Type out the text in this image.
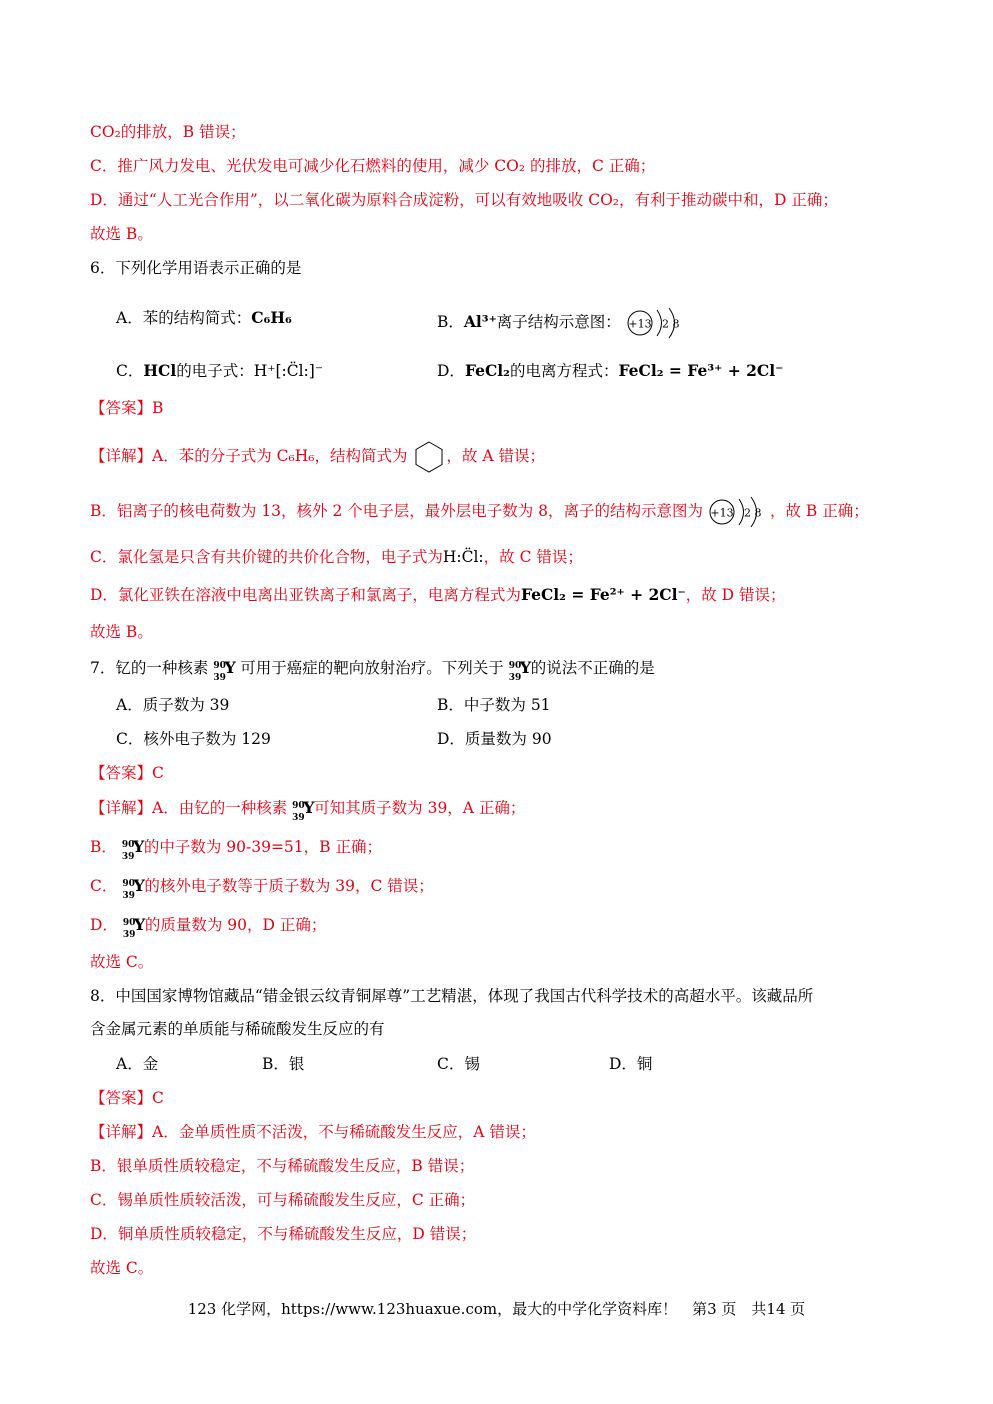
CO₂的排放，B 错误；
C．推广风力发电、光伏发电可减少化石燃料的使用，减少 CO₂ 的排放，C 正确；
D．通过“人工光合作用”，以二氧化碳为原料合成淀粉，可以有效地吸收 CO₂，有利于推动碳中和，D 正确；
故选 B。
6．下列化学用语表示正确的是
A．苯的结构简式：C₆H₆	B．Al³⁺离子结构示意图： +13 2 8
C．HCl的电子式：H⁺[:C̈l:]⁻	D．FeCl₂的电离方程式：FeCl₂ = Fe³⁺ + 2Cl⁻
【答案】B
【详解】A．苯的分子式为 C₆H₆，结构简式为	，故 A 错误；
B．铝离子的核电荷数为 13，核外 2 个电子层，最外层电子数为 8，离子的结构示意图为 +13 2 8 ，故 B 正确；
C．氯化氢是只含有共价键的共价化合物，电子式为H:C̈l:，故 C 错误；
D．氯化亚铁在溶液中电离出亚铁离子和氯离子，电离方程式为FeCl₂ = Fe²⁺ + 2Cl⁻，故 D 错误；
故选 B。
7．钇的一种核素 90
39
Y 可用于癌症的靶向放射治疗。下列关于 90
39
Y 的说法不正确的是
A．质子数为 39	B．中子数为 51
C．核外电子数为 129	D．质量数为 90
【答案】C
【详解】A．由钇的一种核素 90
39
Y 可知其质子数为 39，A 正确；
B． 90
39
Y 的中子数为 90-39=51，B 正确；
C． 90
39
Y 的核外电子数等于质子数为 39，C 错误；
D． 90
39
Y 的质量数为 90，D 正确；
故选 C。
8．中国国家博物馆藏品“错金银云纹青铜犀尊”工艺精湛，体现了我国古代科学技术的高超水平。该藏品所
含金属元素的单质能与稀硫酸发生反应的有
A．金	B．银	C．锡	D．铜
【答案】C
【详解】A．金单质性质不活泼，不与稀硫酸发生反应，A 错误；
B．银单质性质较稳定，不与稀硫酸发生反应，B 错误；
C．锡单质性质较活泼，可与稀硫酸发生反应，C 正确；
D．铜单质性质较稳定，不与稀硫酸发生反应，D 错误；
故选 C。
123 化学网，https://www.123huaxue.com，最大的中学化学资料库！　第3 页　共14 页
